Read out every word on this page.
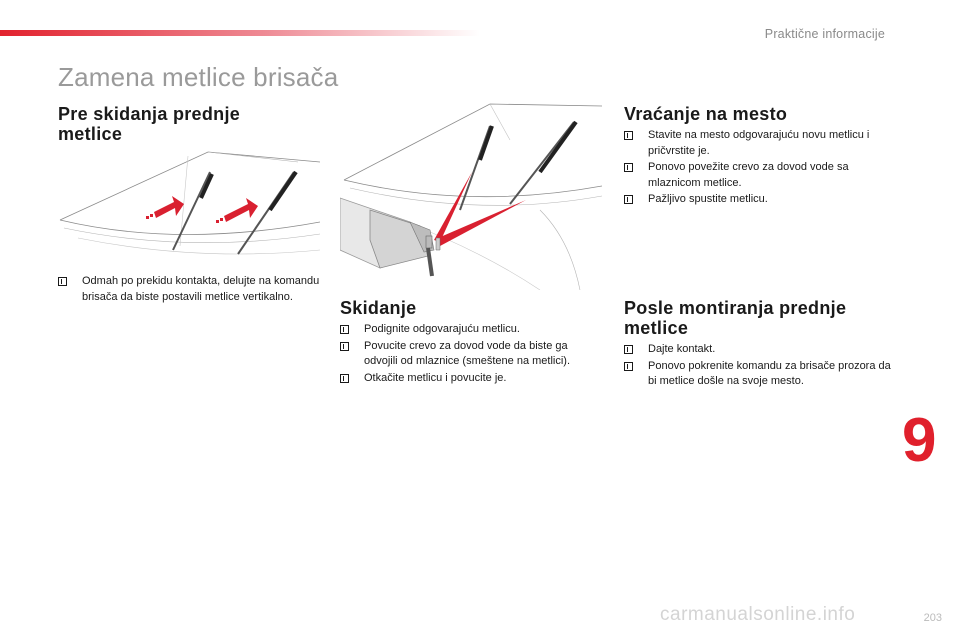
Praktične informacije
Zamena metlice brisača
Pre skidanja prednje
metlice
Odmah po prekidu kontakta, delujte na komandu brisača da biste postavili metlice vertikalno.
Skidanje
Podignite odgovarajuću metlicu.
Povucite crevo za dovod vode da biste ga odvojili od mlaznice (smeštene na metlici).
Otkačite metlicu i povucite je.
Vraćanje na mesto
Stavite na mesto odgovarajuću novu metlicu i pričvrstite je.
Ponovo povežite crevo za dovod vode sa mlaznicom metlice.
Pažljivo spustite metlicu.
Posle montiranja prednje
metlice
Dajte kontakt.
Ponovo pokrenite komandu za brisače prozora da bi metlice došle na svoje mesto.
9
carmanualsonline.info	203
